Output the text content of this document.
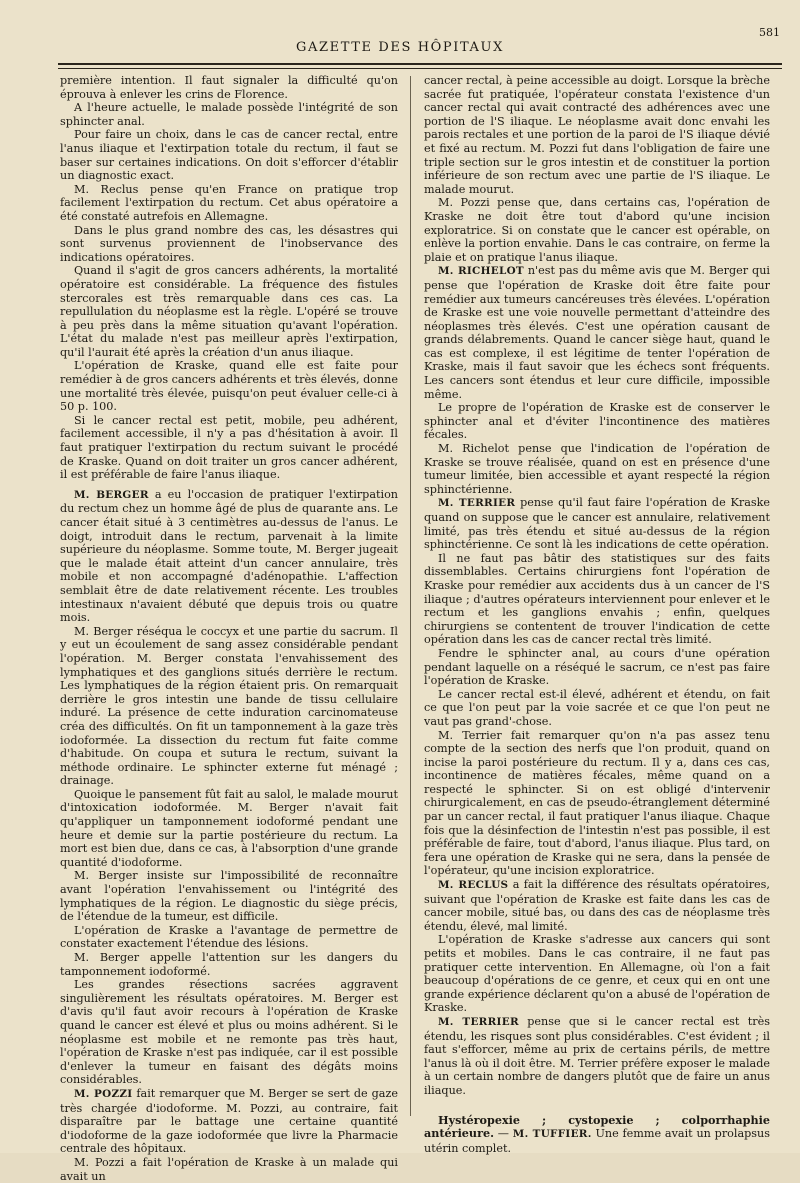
581
GAZETTE DES HÔPITAUX

première intention. Il faut signaler la difficulté qu'on éprouva à enlever les crins de Florence.

A l'heure actuelle, le malade possède l'intégrité de son sphincter anal.

Pour faire un choix, dans le cas de cancer rectal, entre l'anus iliaque et l'extirpation totale du rectum, il faut se baser sur certaines indications. On doit s'efforcer d'établir un diagnostic exact.

M. Reclus pense qu'en France on pratique trop facilement l'extirpation du rectum. Cet abus opératoire a été constaté autrefois en Allemagne.

Dans le plus grand nombre des cas, les désastres qui sont survenus proviennent de l'inobservance des indications opératoires.

Quand il s'agit de gros cancers adhérents, la mortalité opératoire est considérable. La fréquence des fistules stercorales est très remarquable dans ces cas. La repullulation du néoplasme est la règle. L'opéré se trouve à peu près dans la même situation qu'avant l'opération. L'état du malade n'est pas meilleur après l'extirpation, qu'il l'aurait été après la création d'un anus iliaque.

L'opération de Kraske, quand elle est faite pour remédier à de gros cancers adhérents et très élevés, donne une mortalité très élevée, puisqu'on peut évaluer celle-ci à 50 p. 100.

Si le cancer rectal est petit, mobile, peu adhérent, facilement accessible, il n'y a pas d'hésitation à avoir. Il faut pratiquer l'extirpation du rectum suivant le procédé de Kraske. Quand on doit traiter un gros cancer adhérent, il est préférable de faire l'anus iliaque.

M. BERGER a eu l'occasion de pratiquer l'extirpation du rectum chez un homme âgé de plus de quarante ans. Le cancer était situé à 3 centimètres au-dessus de l'anus. Le doigt, introduit dans le rectum, parvenait à la limite supérieure du néoplasme. Somme toute, M. Berger jugeait que le malade était atteint d'un cancer annulaire, très mobile et non accompagné d'adénopathie. L'affection semblait être de date relativement récente. Les troubles intestinaux n'avaient débuté que depuis trois ou quatre mois.

M. Berger réséqua le coccyx et une partie du sacrum. Il y eut un écoulement de sang assez considérable pendant l'opération. M. Berger constata l'envahissement des lymphatiques et des ganglions situés derrière le rectum. Les lymphatiques de la région étaient pris. On remarquait derrière le gros intestin une bande de tissu cellulaire induré. La présence de cette induration carcinomateuse créa des difficultés. On fit un tamponnement à la gaze très iodoformée. La dissection du rectum fut faite comme d'habitude. On coupa et sutura le rectum, suivant la méthode ordinaire. Le sphincter externe fut ménagé ; drainage.

Quoique le pansement fût fait au salol, le malade mourut d'intoxication iodoformée. M. Berger n'avait fait qu'appliquer un tamponnement iodoformé pendant une heure et demie sur la partie postérieure du rectum. La mort est bien due, dans ce cas, à l'absorption d'une grande quantité d'iodoforme.

M. Berger insiste sur l'impossibilité de reconnaître avant l'opération l'envahissement ou l'intégrité des lymphatiques de la région. Le diagnostic du siège précis, de l'étendue de la tumeur, est difficile.

L'opération de Kraske a l'avantage de permettre de constater exactement l'étendue des lésions.

M. Berger appelle l'attention sur les dangers du tamponnement iodoformé.

Les grandes résections sacrées aggravent singulièrement les résultats opératoires. M. Berger est d'avis qu'il faut avoir recours à l'opération de Kraske quand le cancer est élevé et plus ou moins adhérent. Si le néoplasme est mobile et ne remonte pas très haut, l'opération de Kraske n'est pas indiquée, car il est possible d'enlever la tumeur en faisant des dégâts moins considérables.

M. POZZI fait remarquer que M. Berger se sert de gaze très chargée d'iodoforme. M. Pozzi, au contraire, fait disparaître par le battage une certaine quantité d'iodoforme de la gaze iodoformée que livre la Pharmacie centrale des hôpitaux.

M. Pozzi a fait l'opération de Kraske à un malade qui avait un

cancer rectal, à peine accessible au doigt. Lorsque la brèche sacrée fut pratiquée, l'opérateur constata l'existence d'un cancer rectal qui avait contracté des adhérences avec une portion de l'S iliaque. Le néoplasme avait donc envahi les parois rectales et une portion de la paroi de l'S iliaque dévié et fixé au rectum. M. Pozzi fut dans l'obligation de faire une triple section sur le gros intestin et de constituer la portion inférieure de son rectum avec une partie de l'S iliaque. Le malade mourut.

M. Pozzi pense que, dans certains cas, l'opération de Kraske ne doit être tout d'abord qu'une incision exploratrice. Si on constate que le cancer est opérable, on enlève la portion envahie. Dans le cas contraire, on ferme la plaie et on pratique l'anus iliaque.

M. RICHELOT n'est pas du même avis que M. Berger qui pense que l'opération de Kraske doit être faite pour remédier aux tumeurs cancéreuses très élevées. L'opération de Kraske est une voie nouvelle permettant d'atteindre des néoplasmes très élevés. C'est une opération causant de grands délabrements. Quand le cancer siège haut, quand le cas est complexe, il est légitime de tenter l'opération de Kraske, mais il faut savoir que les échecs sont fréquents. Les cancers sont étendus et leur cure difficile, impossible même.

Le propre de l'opération de Kraske est de conserver le sphincter anal et d'éviter l'incontinence des matières fécales.

M. Richelot pense que l'indication de l'opération de Kraske se trouve réalisée, quand on est en présence d'une tumeur limitée, bien accessible et ayant respecté la région sphinctérienne.

M. TERRIER pense qu'il faut faire l'opération de Kraske quand on suppose que le cancer est annulaire, relativement limité, pas très étendu et situé au-dessus de la région sphinctérienne. Ce sont là les indications de cette opération.

Il ne faut pas bâtir des statistiques sur des faits dissemblables. Certains chirurgiens font l'opération de Kraske pour remédier aux accidents dus à un cancer de l'S iliaque ; d'autres opérateurs interviennent pour enlever et le rectum et les ganglions envahis ; enfin, quelques chirurgiens se contentent de trouver l'indication de cette opération dans les cas de cancer rectal très limité.

Fendre le sphincter anal, au cours d'une opération pendant laquelle on a réséqué le sacrum, ce n'est pas faire l'opération de Kraske.

Le cancer rectal est-il élevé, adhérent et étendu, on fait ce que l'on peut par la voie sacrée et ce que l'on peut ne vaut pas grand'-chose.

M. Terrier fait remarquer qu'on n'a pas assez tenu compte de la section des nerfs que l'on produit, quand on incise la paroi postérieure du rectum. Il y a, dans ces cas, incontinence de matières fécales, même quand on a respecté le sphincter. Si on est obligé d'intervenir chirurgicalement, en cas de pseudo-étranglement déterminé par un cancer rectal, il faut pratiquer l'anus iliaque. Chaque fois que la désinfection de l'intestin n'est pas possible, il est préférable de faire, tout d'abord, l'anus iliaque. Plus tard, on fera une opération de Kraske qui ne sera, dans la pensée de l'opérateur, qu'une incision exploratrice.

M. RECLUS a fait la différence des résultats opératoires, suivant que l'opération de Kraske est faite dans les cas de cancer mobile, situé bas, ou dans des cas de néoplasme très étendu, élevé, mal limité.

L'opération de Kraske s'adresse aux cancers qui sont petits et mobiles. Dans le cas contraire, il ne faut pas pratiquer cette intervention. En Allemagne, où l'on a fait beaucoup d'opérations de ce genre, et ceux qui en ont une grande expérience déclarent qu'on a abusé de l'opération de Kraske.

M. TERRIER pense que si le cancer rectal est très étendu, les risques sont plus considérables. C'est évident ; il faut s'efforcer, même au prix de certains périls, de mettre l'anus là où il doit être. M. Terrier préfère exposer le malade à un certain nombre de dangers plutôt que de faire un anus iliaque.

Hystéropexie ; cystopexie ; colporrhaphie antérieure. — M. TUFFIER. Une femme avait un prolapsus utérin complet.
